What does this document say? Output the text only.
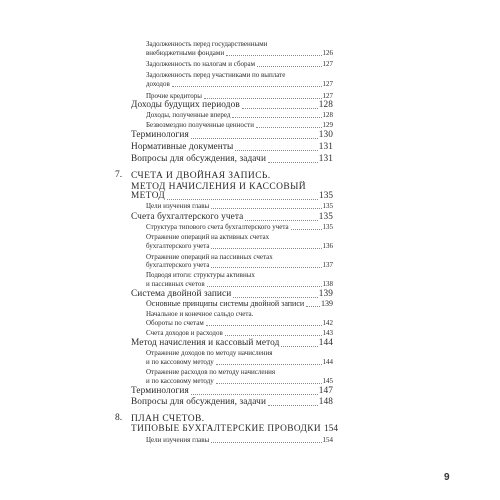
Задолженность перед государственными
внебюджетными фондами	126
Задолженность по налогам и сборам	127
Задолженность перед участниками по выплате
доходов	127
Прочие кредиторы	127
Доходы будущих периодов	128
Доходы, полученные вперед	128
Безвозмездно полученные ценности	129
Терминология	130
Нормативные документы	131
Вопросы для обсуждения, задачи	131
7. СЧЕТА И ДВОЙНАЯ ЗАПИСЬ.
МЕТОД НАЧИСЛЕНИЯ И КАССОВЫЙ
МЕТОД	135
Цели изучения главы	135
Счета бухгалтерского учета	135
Структура типового счета бухгалтерского учета	135
Отражение операций на активных счетах
бухгалтерского учета	136
Отражение операций на пассивных счетах
бухгалтерского учета	137
Подводя итоги: структуры активных
и пассивных счетов	138
Система двойной записи	139
Основные принципы системы двойной записи 139
Начальное и конечное сальдо счета.
Обороты по счетам	142
Счета доходов и расходов	143
Метод начисления и кассовый метод	144
Отражение доходов по методу начисления
и по кассовому методу	144
Отражение расходов по методу начисления
и по кассовому методу	145
Терминология	147
Вопросы для обсуждения, задачи	148
8. ПЛАН СЧЕТОВ.
ТИПОВЫЕ БУХГАЛТЕРСКИЕ ПРОВОДКИ 154
Цели изучения главы	154
9
